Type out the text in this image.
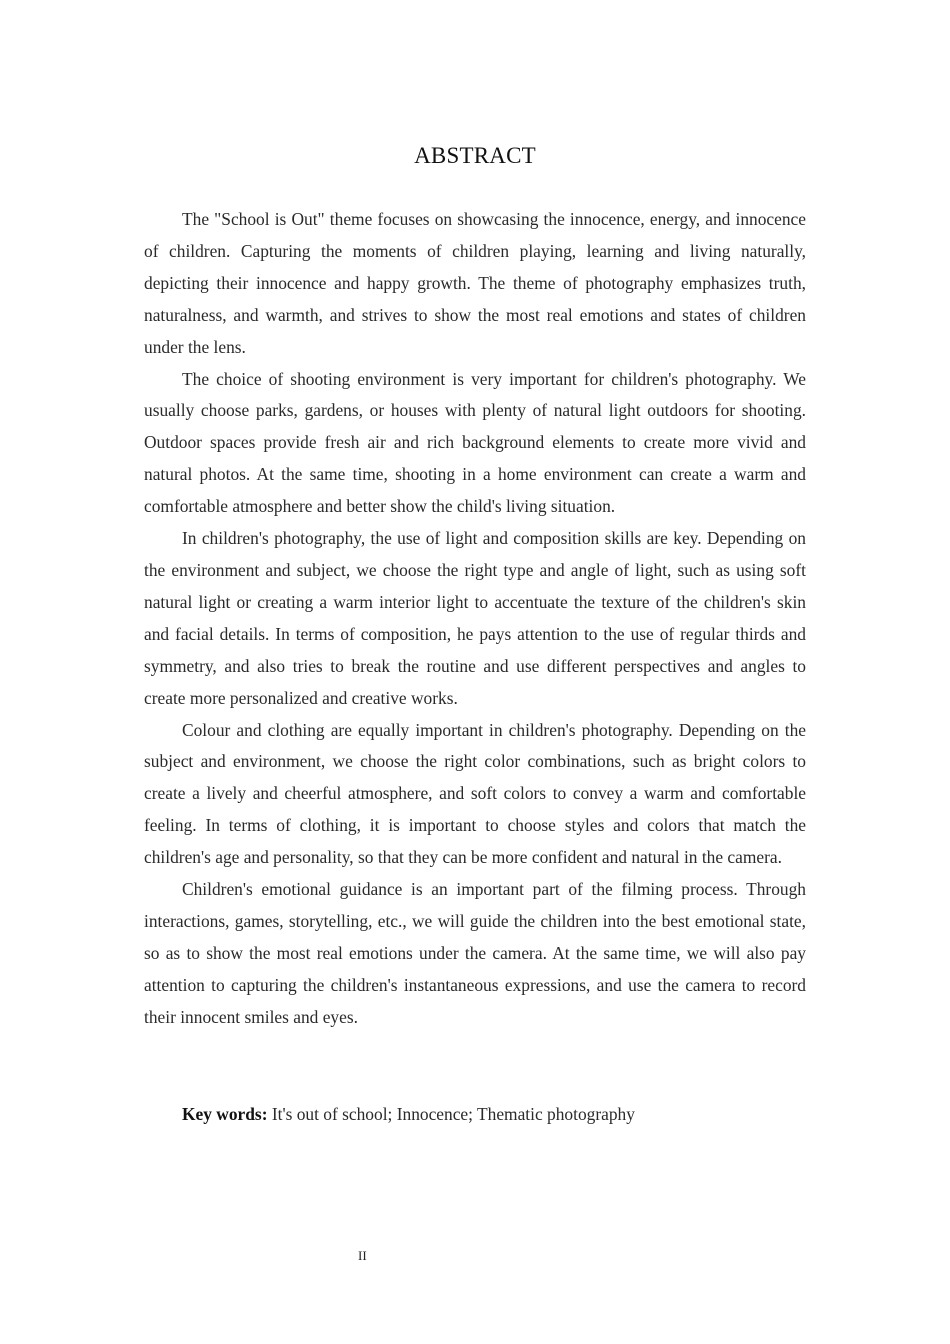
ABSTRACT

The "School is Out" theme focuses on showcasing the innocence, energy, and innocence of children. Capturing the moments of children playing, learning and living naturally, depicting their innocence and happy growth. The theme of photography emphasizes truth, naturalness, and warmth, and strives to show the most real emotions and states of children under the lens.

The choice of shooting environment is very important for children's photography. We usually choose parks, gardens, or houses with plenty of natural light outdoors for shooting. Outdoor spaces provide fresh air and rich background elements to create more vivid and natural photos. At the same time, shooting in a home environment can create a warm and comfortable atmosphere and better show the child's living situation.

In children's photography, the use of light and composition skills are key. Depending on the environment and subject, we choose the right type and angle of light, such as using soft natural light or creating a warm interior light to accentuate the texture of the children's skin and facial details. In terms of composition, he pays attention to the use of regular thirds and symmetry, and also tries to break the routine and use different perspectives and angles to create more personalized and creative works.

Colour and clothing are equally important in children's photography. Depending on the subject and environment, we choose the right color combinations, such as bright colors to create a lively and cheerful atmosphere, and soft colors to convey a warm and comfortable feeling. In terms of clothing, it is important to choose styles and colors that match the children's age and personality, so that they can be more confident and natural in the camera.

Children's emotional guidance is an important part of the filming process. Through interactions, games, storytelling, etc., we will guide the children into the best emotional state, so as to show the most real emotions under the camera. At the same time, we will also pay attention to capturing the children's instantaneous expressions, and use the camera to record their innocent smiles and eyes.

Key words: It's out of school; Innocence; Thematic photography
II
